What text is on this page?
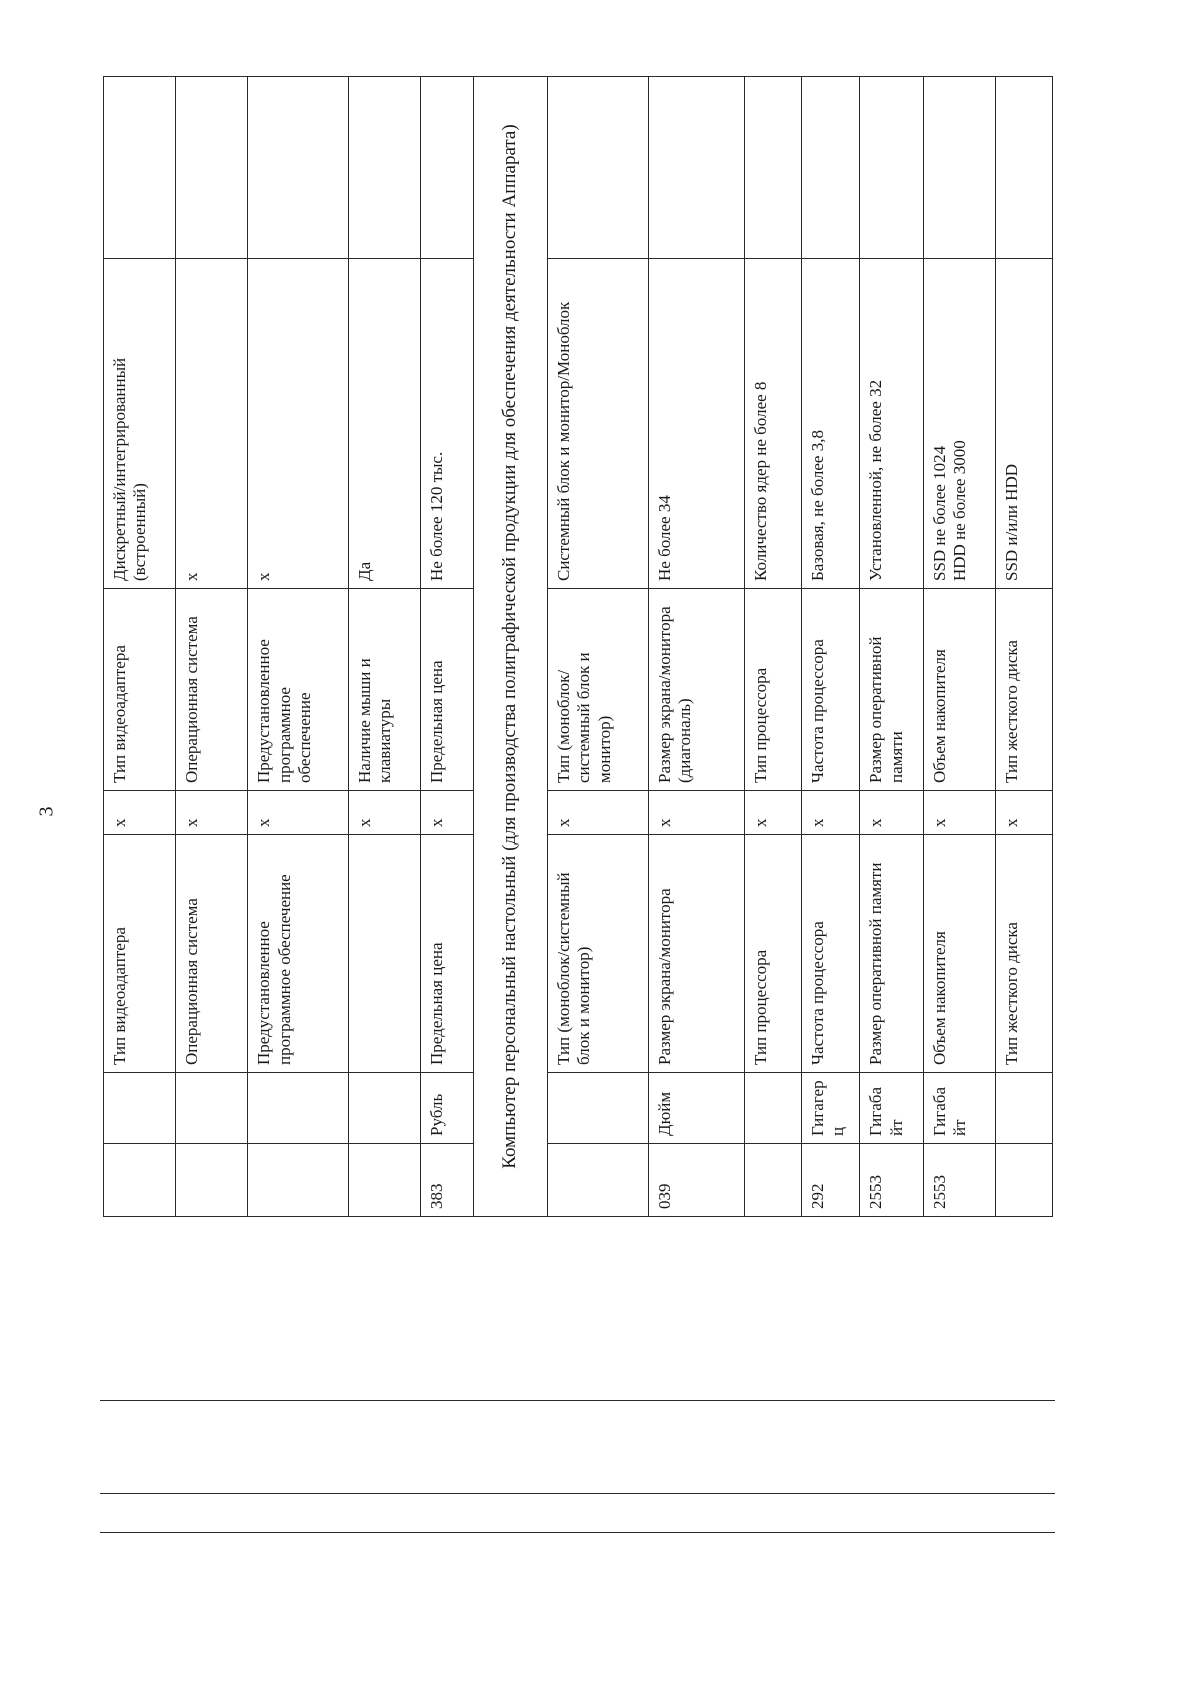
3
		Тип видеоадаптера	x	Тип видеоадаптера	Дискретный/интегрированный (встроенный)	
		Операционная система	x	Операционная система	x	
		Предустановленное программное обеспечение	x	Предустановленное программное обеспечение	x	
			x	Наличие мыши и клавиатуры	Да	
383	Рубль	Предельная цена	x	Предельная цена	Не более 120 тыс.	
Компьютер персональный настольный (для производства полиграфической продукции для обеспечения деятельности Аппарата)						
		Тип (моноблок/системный блок и монитор)	x	Тип (моноблок/системный блок и монитор)	Системный блок и монитор/Моноблок	
039	Дюйм	Размер экрана/монитора	x	Размер экрана/монитора (диагональ)	Не более 34	
		Тип процессора	x	Тип процессора	Количество ядер не более 8	
292	Гигагерц	Частота процессора	x	Частота процессора	Базовая, не более 3,8	
2553	Гигабайт	Размер оперативной памяти	x	Размер оперативной памяти	Установленной, не более 32	
2553	Гигабайт	Объем накопителя	x	Объем накопителя	SSD не более 1024
HDD не более 3000	
		Тип жесткого диска	x	Тип жесткого диска	SSD и/или HDD	
